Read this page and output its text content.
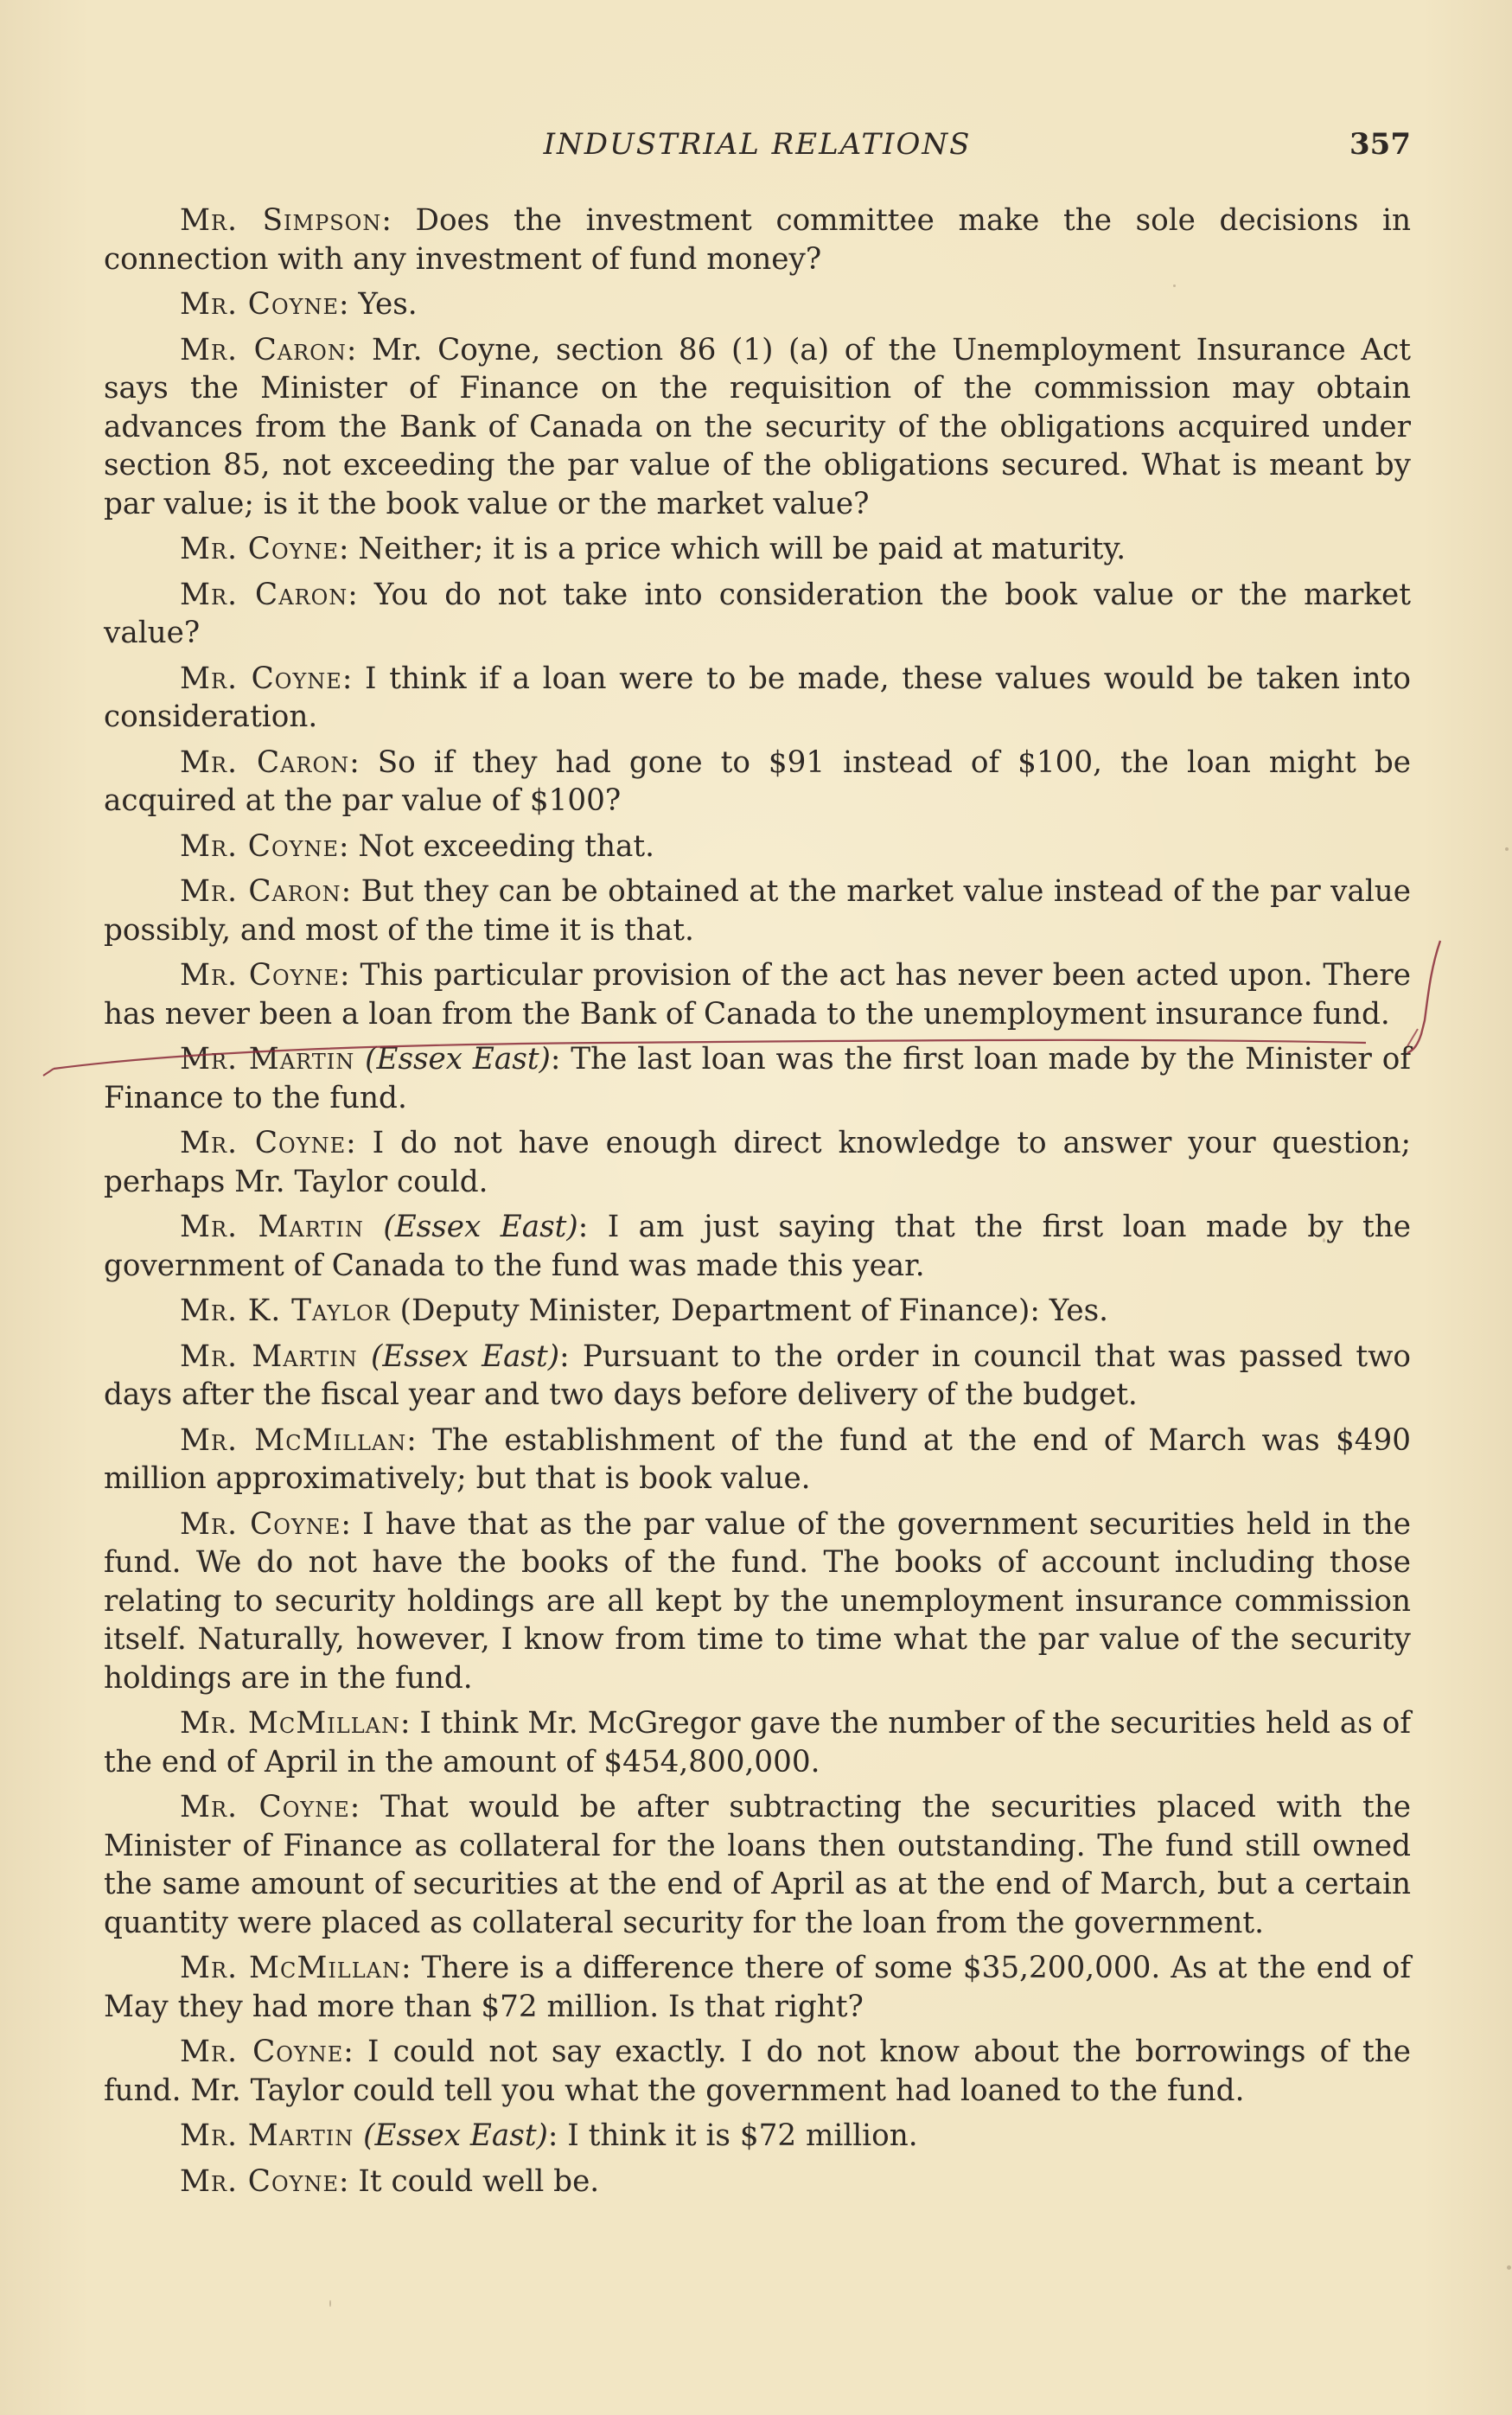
INDUSTRIAL RELATIONS	357

Mr. Simpson: Does the investment committee make the sole decisions in connection with any investment of fund money?

Mr. Coyne: Yes.

Mr. Caron: Mr. Coyne, section 86 (1) (a) of the Unemployment Insurance Act says the Minister of Finance on the requisition of the commission may obtain advances from the Bank of Canada on the security of the obligations acquired under section 85, not exceeding the par value of the obligations secured. What is meant by par value; is it the book value or the market value?

Mr. Coyne: Neither; it is a price which will be paid at maturity.

Mr. Caron: You do not take into consideration the book value or the market value?

Mr. Coyne: I think if a loan were to be made, these values would be taken into consideration.

Mr. Caron: So if they had gone to $91 instead of $100, the loan might be acquired at the par value of $100?

Mr. Coyne: Not exceeding that.

Mr. Caron: But they can be obtained at the market value instead of the par value possibly, and most of the time it is that.

Mr. Coyne: This particular provision of the act has never been acted upon. There has never been a loan from the Bank of Canada to the unemployment insurance fund.

Mr. Martin (Essex East): The last loan was the first loan made by the Minister of Finance to the fund.

Mr. Coyne: I do not have enough direct knowledge to answer your question; perhaps Mr. Taylor could.

Mr. Martin (Essex East): I am just saying that the first loan made by the government of Canada to the fund was made this year.

Mr. K. Taylor (Deputy Minister, Department of Finance): Yes.

Mr. Martin (Essex East): Pursuant to the order in council that was passed two days after the fiscal year and two days before delivery of the budget.

Mr. McMillan: The establishment of the fund at the end of March was $490 million approximatively; but that is book value.

Mr. Coyne: I have that as the par value of the government securities held in the fund. We do not have the books of the fund. The books of account including those relating to security holdings are all kept by the unemployment insurance commission itself. Naturally, however, I know from time to time what the par value of the security holdings are in the fund.

Mr. McMillan: I think Mr. McGregor gave the number of the securities held as of the end of April in the amount of $454,800,000.

Mr. Coyne: That would be after subtracting the securities placed with the Minister of Finance as collateral for the loans then outstanding. The fund still owned the same amount of securities at the end of April as at the end of March, but a certain quantity were placed as collateral security for the loan from the government.

Mr. McMillan: There is a difference there of some $35,200,000. As at the end of May they had more than $72 million. Is that right?

Mr. Coyne: I could not say exactly. I do not know about the borrowings of the fund. Mr. Taylor could tell you what the government had loaned to the fund.

Mr. Martin (Essex East): I think it is $72 million.

Mr. Coyne: It could well be.
